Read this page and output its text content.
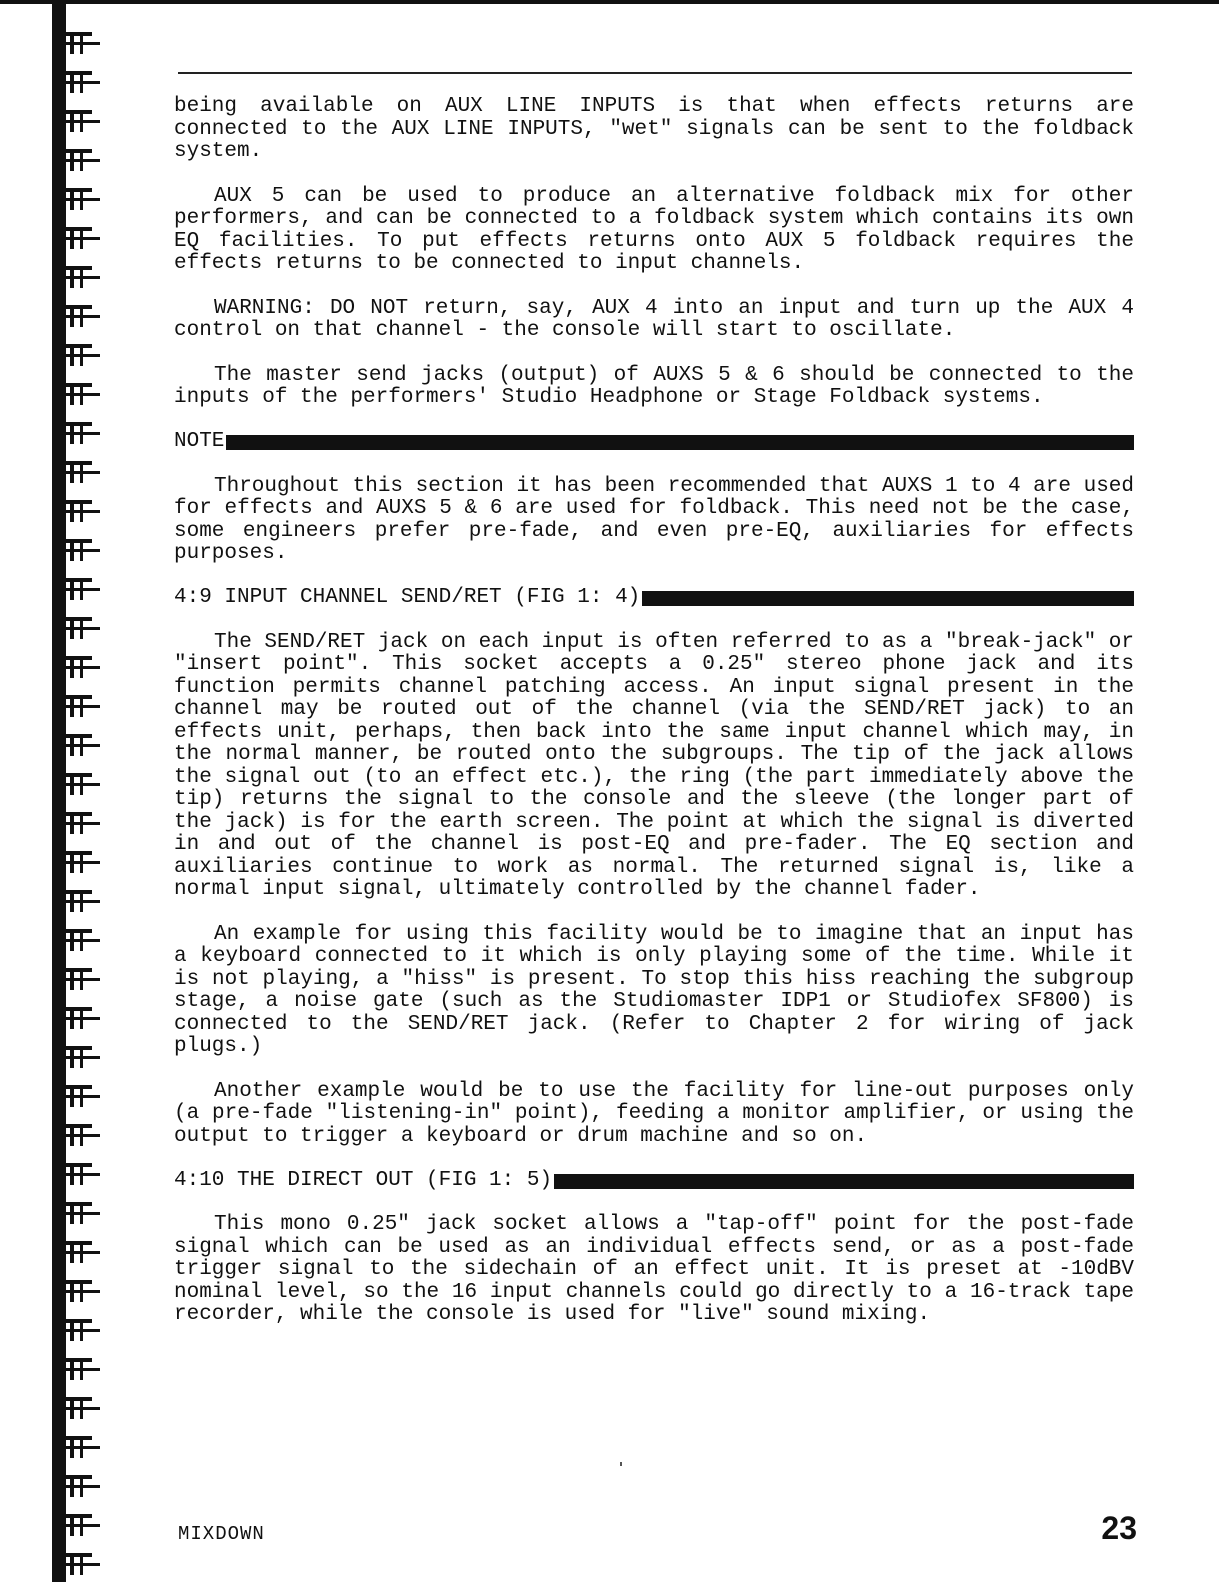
being available on AUX LINE INPUTS is that when effects returns are connected to the AUX LINE INPUTS, "wet" signals can be sent to the foldback system.

AUX 5 can be used to produce an alternative foldback mix for other performers, and can be connected to a foldback system which contains its own EQ facilities. To put effects returns onto AUX 5 foldback requires the effects returns to be connected to input channels.

WARNING: DO NOT return, say, AUX 4 into an input and turn up the AUX 4 control on that channel - the console will start to oscillate.

The master send jacks (output) of AUXS 5 & 6 should be connected to the inputs of the performers' Studio Headphone or Stage Foldback systems.

NOTE

Throughout this section it has been recommended that AUXS 1 to 4 are used for effects and AUXS 5 & 6 are used for foldback. This need not be the case, some engineers prefer pre-fade, and even pre-EQ, auxiliaries for effects purposes.

4:9 INPUT CHANNEL SEND/RET (FIG 1: 4)

The SEND/RET jack on each input is often referred to as a "break-jack" or "insert point". This socket accepts a 0.25" stereo phone jack and its function permits channel patching access. An input signal present in the channel may be routed out of the channel (via the SEND/RET jack) to an effects unit, perhaps, then back into the same input channel which may, in the normal manner, be routed onto the subgroups. The tip of the jack allows the signal out (to an effect etc.), the ring (the part immediately above the tip) returns the signal to the console and the sleeve (the longer part of the jack) is for the earth screen. The point at which the signal is diverted in and out of the channel is post-EQ and pre-fader. The EQ section and auxiliaries continue to work as normal. The returned signal is, like a normal input signal, ultimately controlled by the channel fader.

An example for using this facility would be to imagine that an input has a keyboard connected to it which is only playing some of the time. While it is not playing, a "hiss" is present. To stop this hiss reaching the subgroup stage, a noise gate (such as the Studiomaster IDP1 or Studiofex SF800) is connected to the SEND/RET jack. (Refer to Chapter 2 for wiring of jack plugs.)

Another example would be to use the facility for line-out purposes only (a pre-fade "listening-in" point), feeding a monitor amplifier, or using the output to trigger a keyboard or drum machine and so on.

4:10 THE DIRECT OUT (FIG 1: 5)

This mono 0.25" jack socket allows a "tap-off" point for the post-fade signal which can be used as an individual effects send, or as a post-fade trigger signal to the sidechain of an effect unit. It is preset at -10dBV nominal level, so the 16 input channels could go directly to a 16-track tape recorder, while the console is used for "live" sound mixing.

MIXDOWN	23
